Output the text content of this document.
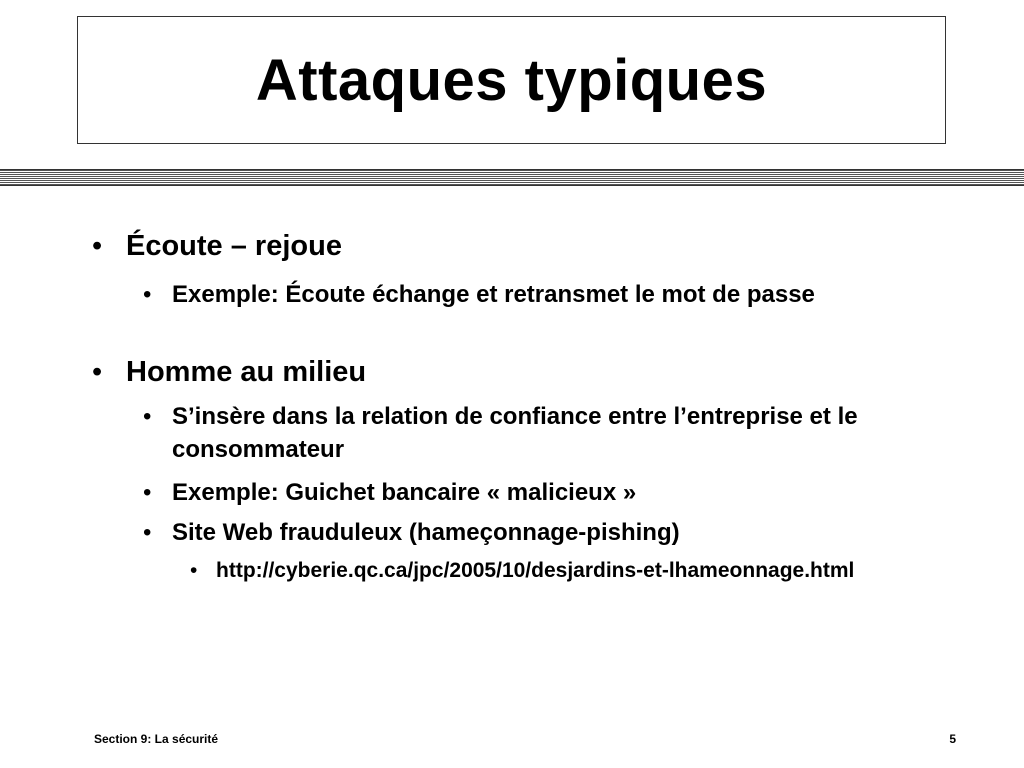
Attaques typiques
• Écoute – rejoue
• Exemple: Écoute échange et retransmet le mot de passe
• Homme au milieu
• S’insère dans la relation de confiance entre l’entreprise et le consommateur
• Exemple: Guichet bancaire « malicieux »
• Site Web frauduleux (hameçonnage-pishing)
• http://cyberie.qc.ca/jpc/2005/10/desjardins-et-lhameonnage.html
Section 9: La sécurité	5
